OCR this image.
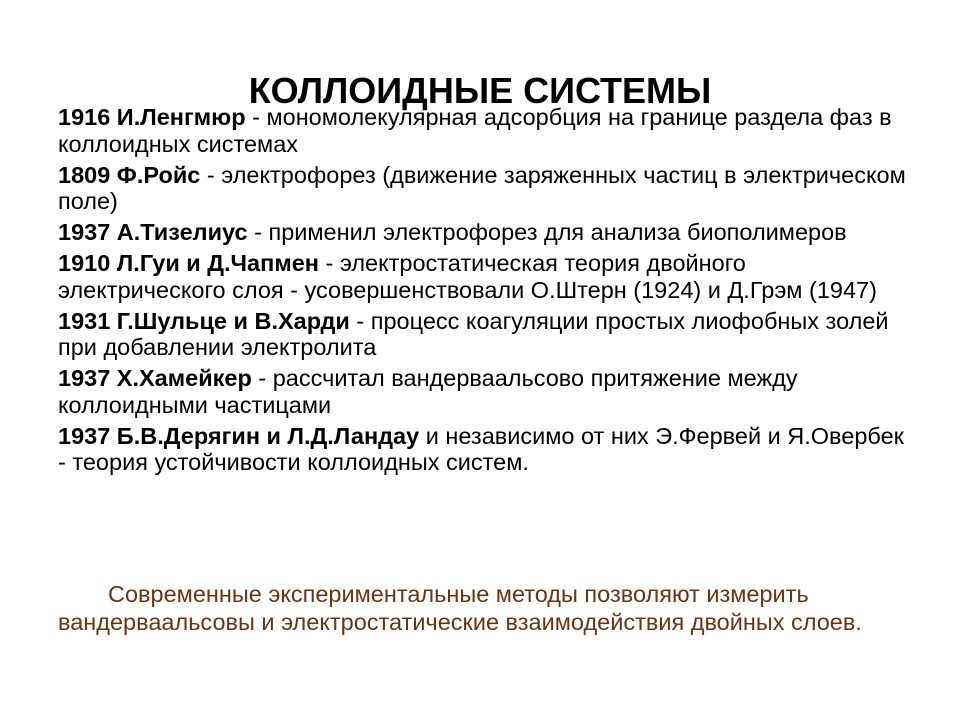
КОЛЛОИДНЫЕ СИСТЕМЫ
1916 И.Ленгмюр - мономолекулярная адсорбция на границе раздела фаз в коллоидных системах
1809 Ф.Ройс - электрофорез (движение заряженных частиц в электрическом поле)
1937 А.Тизелиус - применил электрофорез для анализа биополимеров
1910 Л.Гуи и Д.Чапмен - электростатическая теория двойного электрического слоя - усовершенствовали О.Штерн (1924) и Д.Грэм (1947)
1931 Г.Шульце и В.Харди - процесс коагуляции простых лиофобных золей при добавлении электролита
1937 Х.Хамейкер - рассчитал вандерваальсово притяжение между коллоидными частицами
1937 Б.В.Дерягин и Л.Д.Ландау и независимо от них Э.Фервей и Я.Овербек - теория устойчивости коллоидных систем.

Современные экспериментальные методы позволяют измерить вандерваальсовы и электростатические взаимодействия двойных слоев.
